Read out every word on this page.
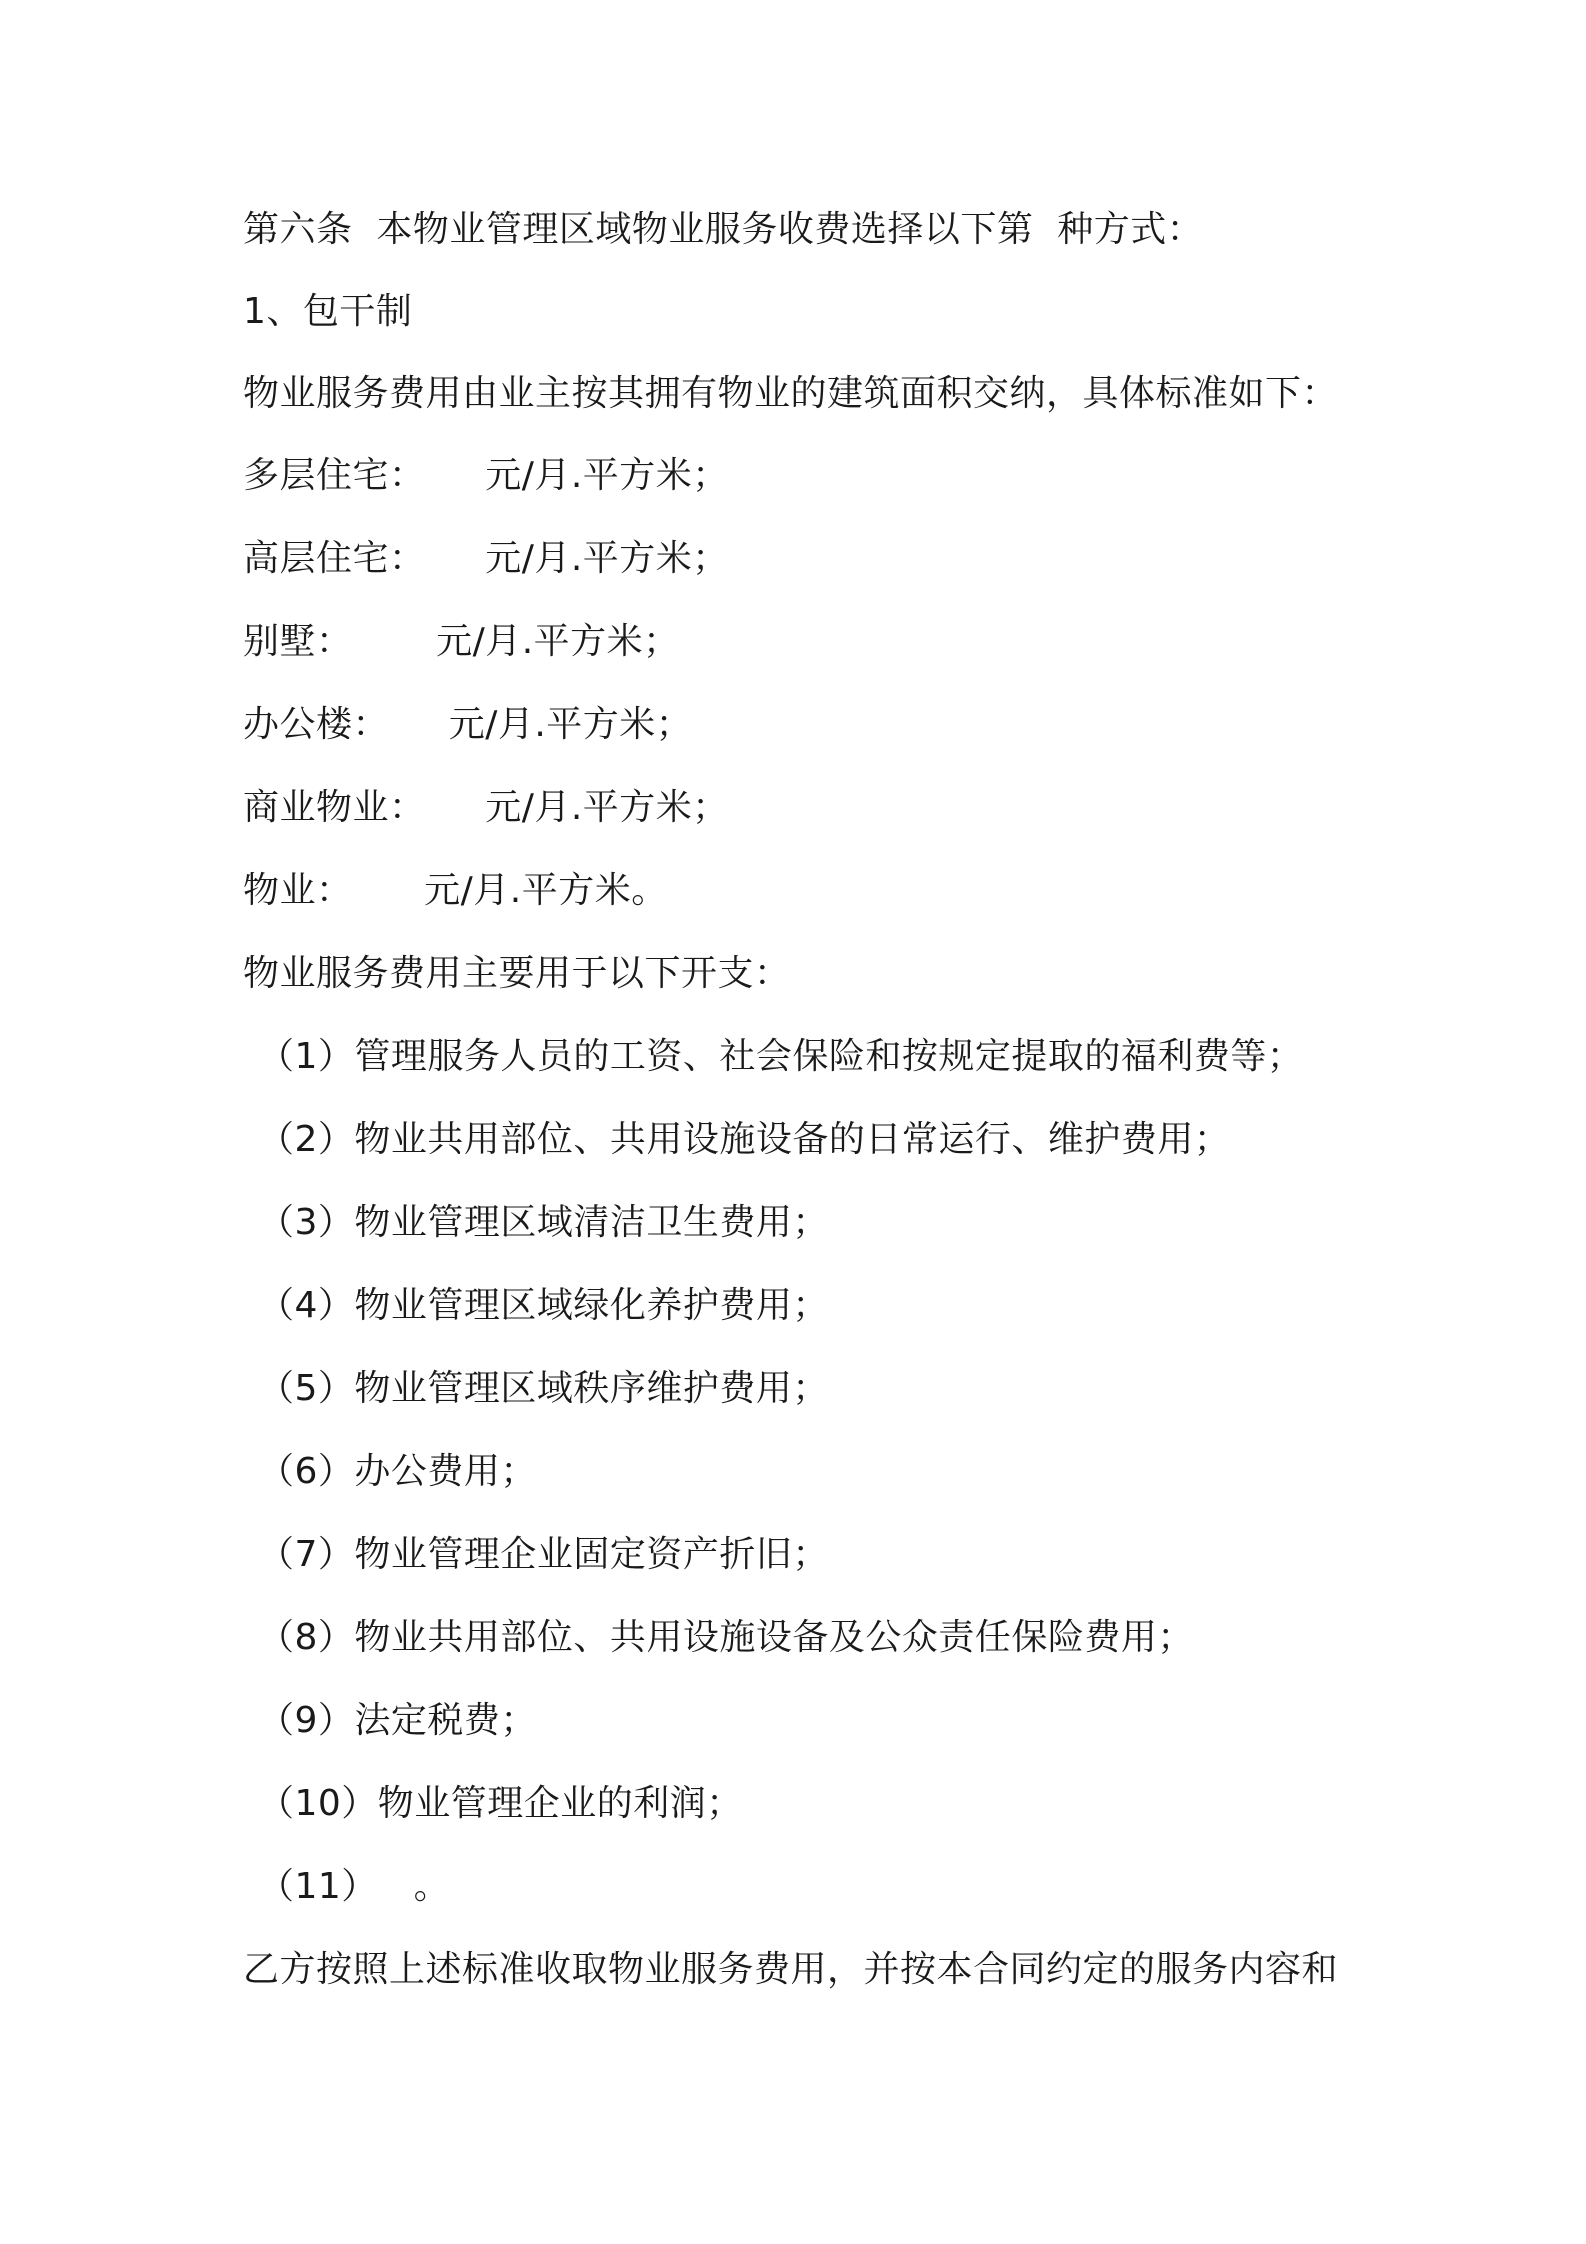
第六条  本物业管理区域物业服务收费选择以下第  种方式：
1、包干制
物业服务费用由业主按其拥有物业的建筑面积交纳，具体标准如下：
多层住宅：     元/月.平方米；
高层住宅：     元/月.平方米；
别墅：       元/月.平方米；
办公楼：     元/月.平方米；
商业物业：     元/月.平方米；
物业：      元/月.平方米。
物业服务费用主要用于以下开支：
（1）管理服务人员的工资、社会保险和按规定提取的福利费等；
（2）物业共用部位、共用设施设备的日常运行、维护费用；
（3）物业管理区域清洁卫生费用；
（4）物业管理区域绿化养护费用；
（5）物业管理区域秩序维护费用；
（6）办公费用；
（7）物业管理企业固定资产折旧；
（8）物业共用部位、共用设施设备及公众责任保险费用；
（9）法定税费；
（10）物业管理企业的利润；
（11）   。
乙方按照上述标准收取物业服务费用，并按本合同约定的服务内容和
